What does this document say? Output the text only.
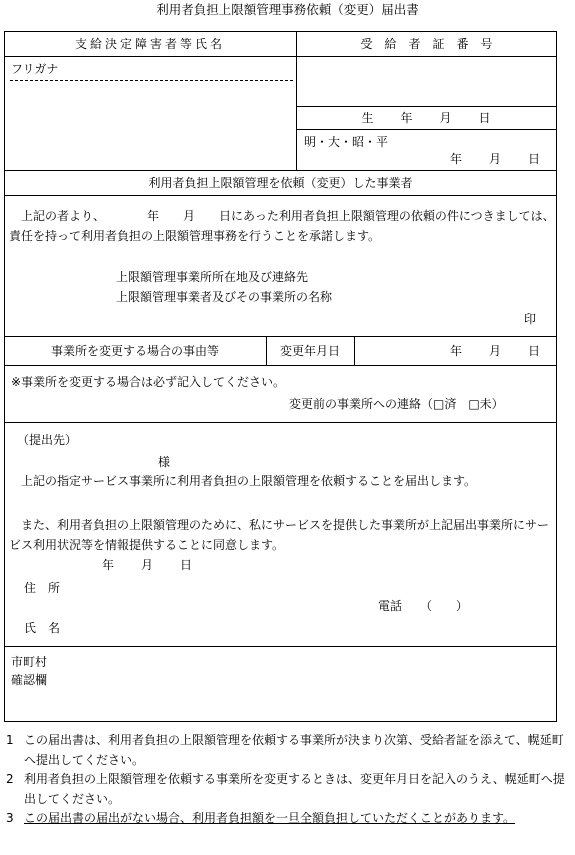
利用者負担上限額管理事務依頼（変更）届出書
支給決定障害者等氏名	受　給　者　証　番　号
フリガナ
生　　年　　月　　日
明・大・昭・平
年　　月　　日
利用者負担上限額管理を依頼（変更）した事業者
上記の者より、　　　　年　　月　　日にあった利用者負担上限額管理の依頼の件につきましては、責任を持って利用者負担の上限額管理事務を行うことを承諾します。
上限額管理事業所所在地及び連絡先
上限額管理事業者及びその事業所の名称
印
事業所を変更する場合の事由等	変更年月日	年　　月　　日
※事業所を変更する場合は必ず記入してください。
変更前の事業所への連絡（□済　□未）
（提出先）
様
上記の指定サービス事業所に利用者負担の上限額管理を依頼することを届出します。
また、利用者負担の上限額管理のために、私にサービスを提供した事業所が上記届出事業所にサービス利用状況等を情報提供することに同意します。
年　　月　　日
住　所
電話　　（　　）
氏　名
市町村
確認欄
1 この届出書は、利用者負担の上限額管理を依頼する事業所が決まり次第、受給者証を添えて、幌延町へ提出してください。
2 利用者負担の上限額管理を依頼する事業所を変更するときは、変更年月日を記入のうえ、幌延町へ提出してください。
3 この届出書の届出がない場合、利用者負担額を一旦全額負担していただくことがあります。
